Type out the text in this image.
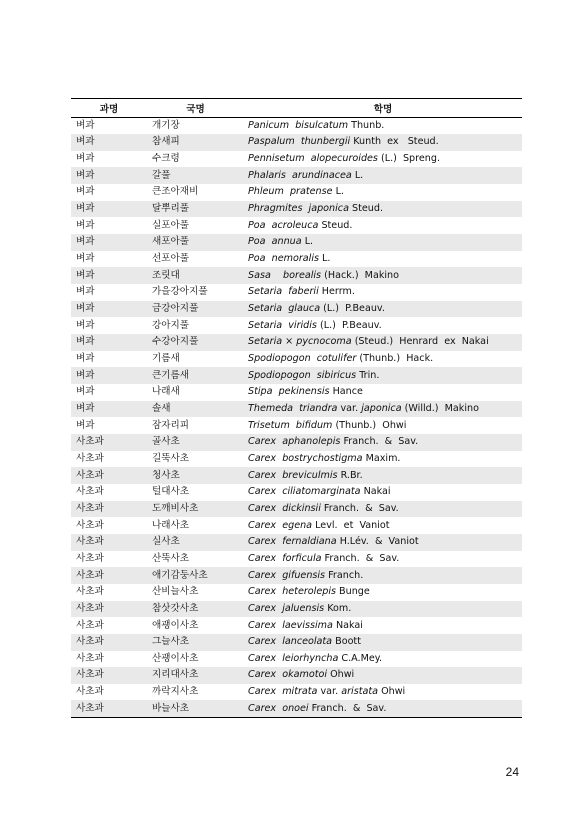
과명	국명	학명
벼과	개기장	Panicum  bisulcatum Thunb.
벼과	참새피	Paspalum  thunbergii Kunth  ex   Steud.
벼과	수크령	Pennisetum  alopecuroides (L.)  Spreng.
벼과	갈풀	Phalaris  arundinacea L.
벼과	큰조아재비	Phleum  pratense L.
벼과	달뿌리풀	Phragmites  japonica Steud.
벼과	실포아풀	Poa  acroleuca Steud.
벼과	새포아풀	Poa  annua L.
벼과	선포아풀	Poa  nemoralis L.
벼과	조릿대	Sasa    borealis (Hack.)  Makino
벼과	가을강아지풀	Setaria  faberii Herrm.
벼과	금강아지풀	Setaria  glauca (L.)  P.Beauv.
벼과	강아지풀	Setaria  viridis (L.)  P.Beauv.
벼과	수강아지풀	Setaria × pycnocoma (Steud.)  Henrard  ex  Nakai
벼과	기름새	Spodiopogon  cotulifer (Thunb.)  Hack.
벼과	큰기름새	Spodiopogon  sibiricus Trin.
벼과	나래새	Stipa  pekinensis Hance
벼과	솔새	Themeda  triandra var. japonica (Willd.)  Makino
벼과	잠자리피	Trisetum  bifidum (Thunb.)  Ohwi
사초과	골사초	Carex  aphanolepis Franch.  &  Sav.
사초과	길뚝사초	Carex  bostrychostigma Maxim.
사초과	청사초	Carex  breviculmis R.Br.
사초과	털대사초	Carex  ciliatomarginata Nakai
사초과	도깨비사초	Carex  dickinsii Franch.  &  Sav.
사초과	나래사초	Carex  egena Levl.  et  Vaniot
사초과	실사초	Carex  fernaldiana H.Lév.  &  Vaniot
사초과	산뚝사초	Carex  forficula Franch.  &  Sav.
사초과	애기감둥사초	Carex  gifuensis Franch.
사초과	산비늘사초	Carex  heterolepis Bunge
사초과	참삿갓사초	Carex  jaluensis Kom.
사초과	애괭이사초	Carex  laevissima Nakai
사초과	그늘사초	Carex  lanceolata Boott
사초과	산괭이사초	Carex  leiorhyncha C.A.Mey.
사초과	지리대사초	Carex  okamotoi Ohwi
사초과	까락지사초	Carex  mitrata var. aristata Ohwi
사초과	바늘사초	Carex  onoei Franch.  &  Sav.
24
